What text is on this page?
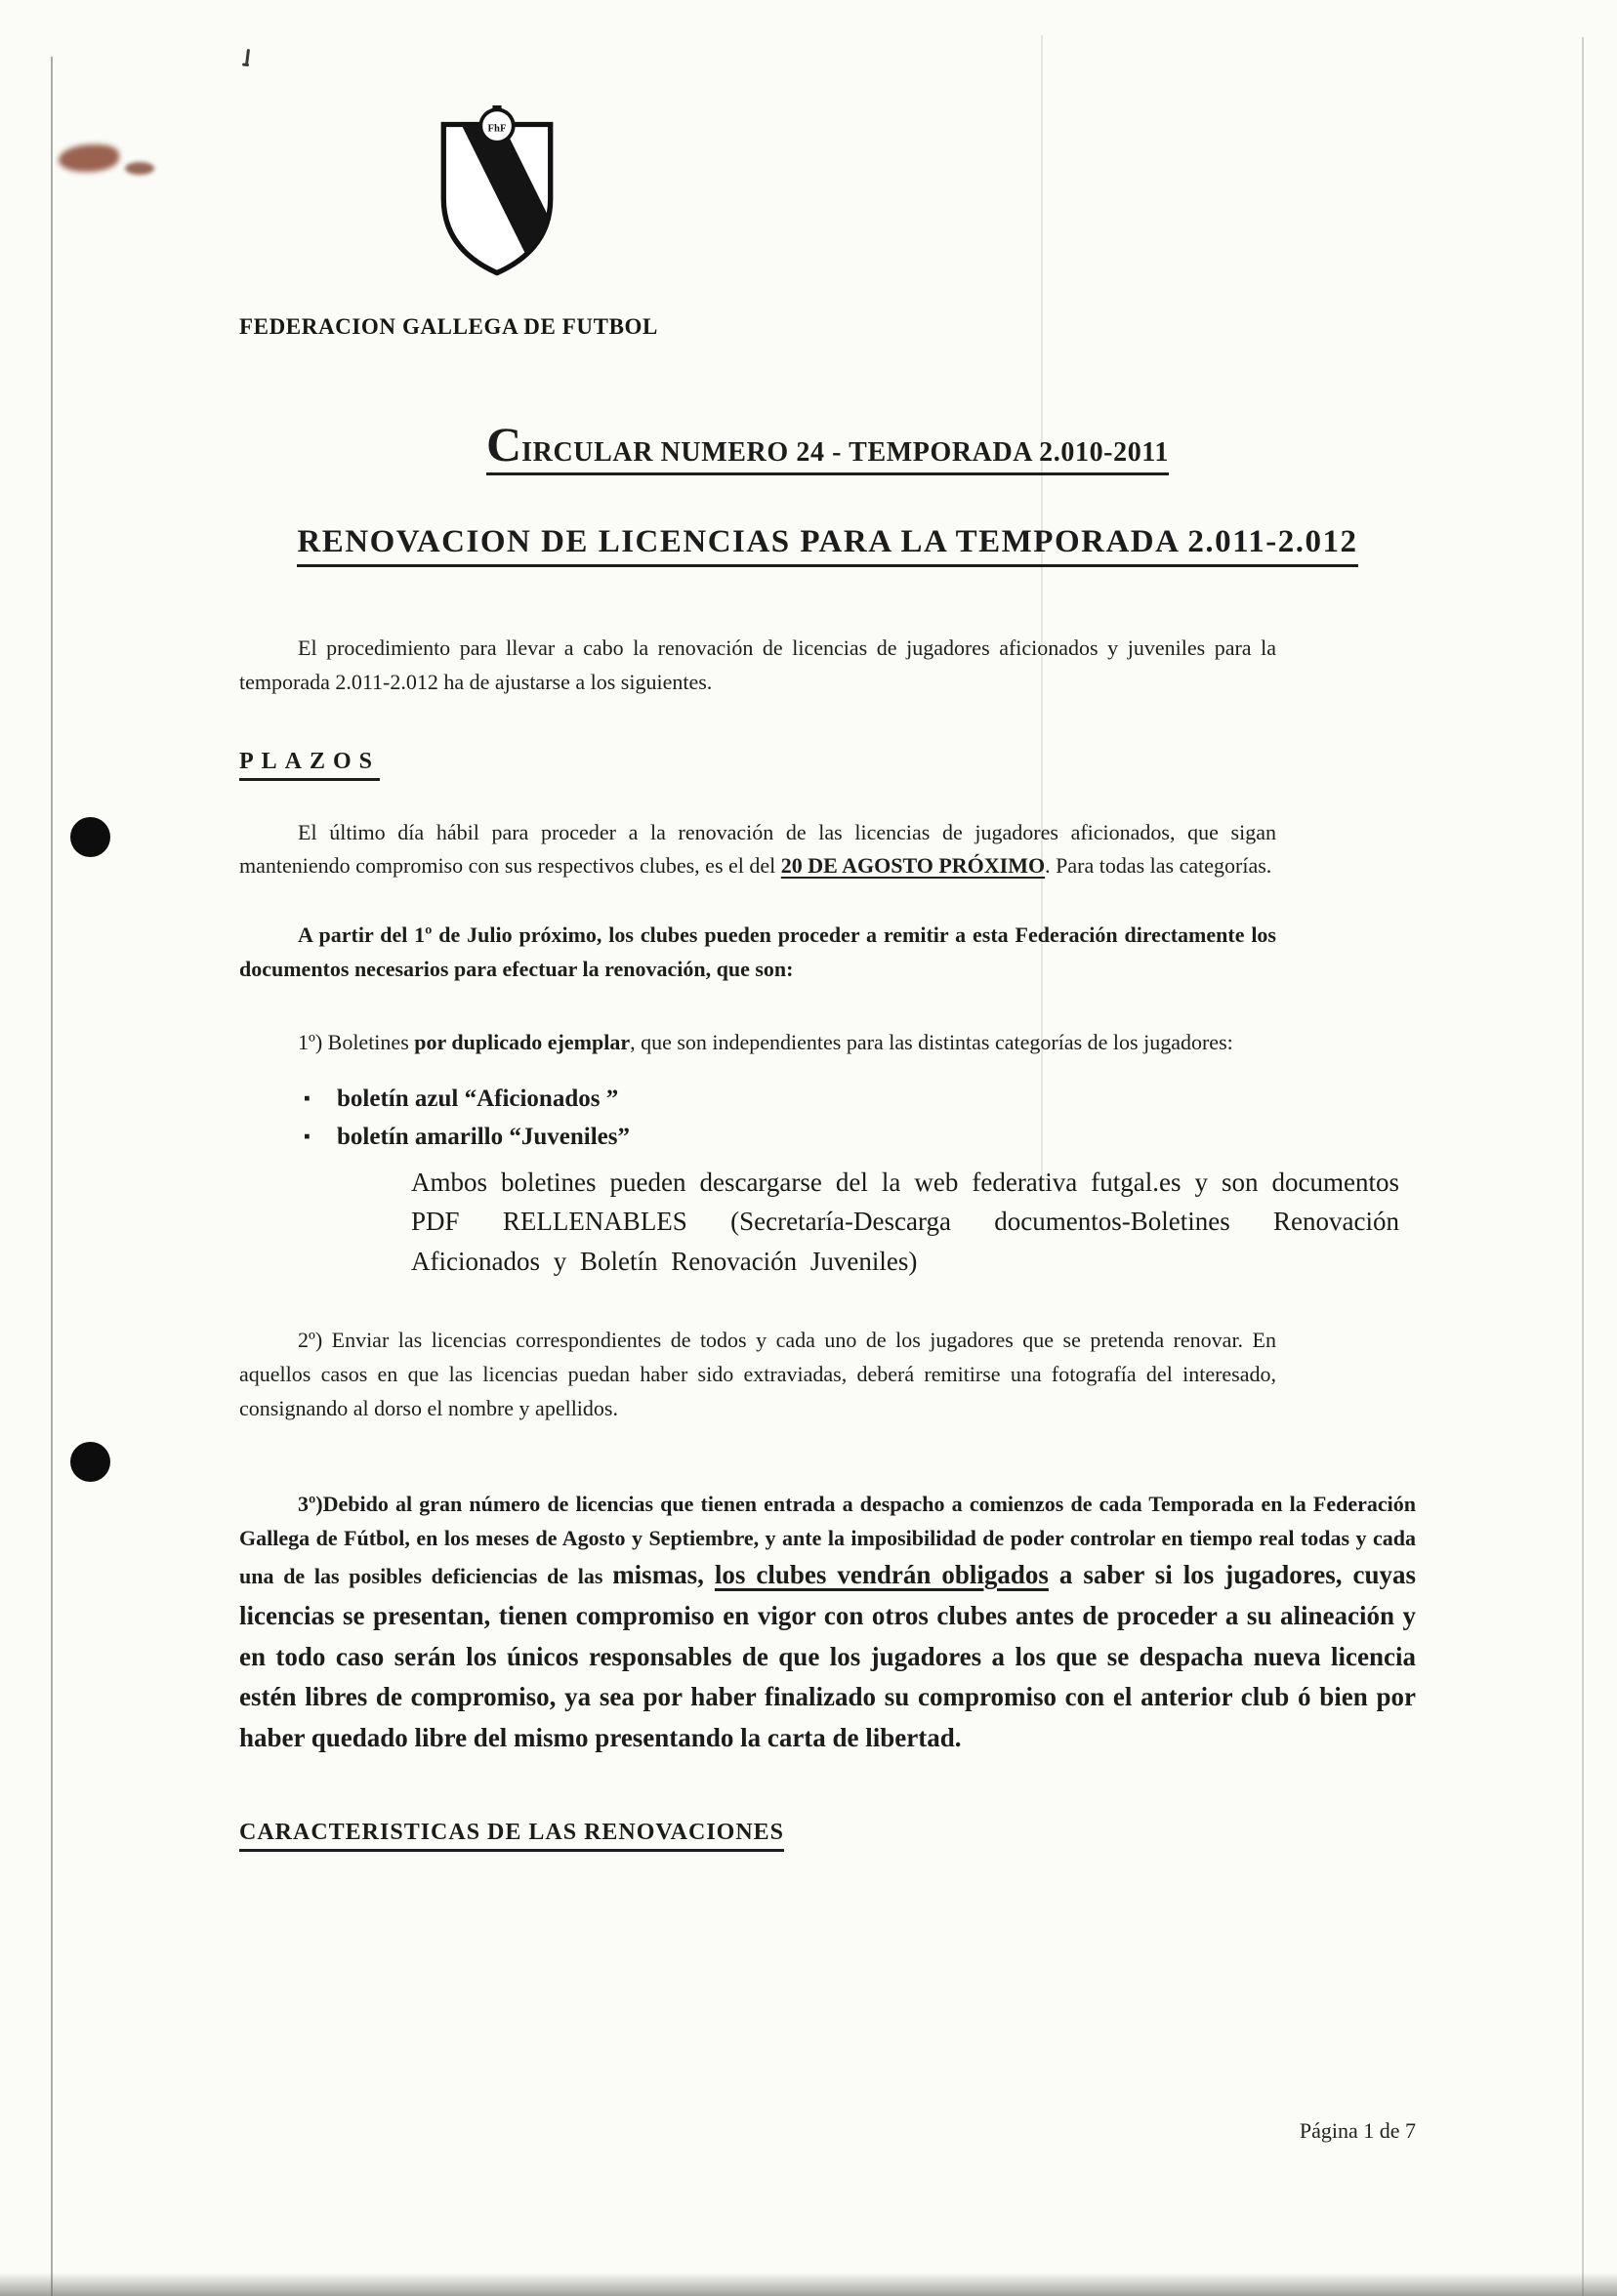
FhF
FEDERACION GALLEGA DE FUTBOL
CIRCULAR NUMERO 24 - TEMPORADA 2.010-2011
RENOVACION DE LICENCIAS PARA LA TEMPORADA 2.011-2.012

El procedimiento para llevar a cabo la renovación de licencias de jugadores aficionados y juveniles para la temporada 2.011-2.012 ha de ajustarse a los siguientes.

PLAZOS

El último día hábil para proceder a la renovación de las licencias de jugadores aficionados, que sigan manteniendo compromiso con sus respectivos clubes, es el del 20 DE AGOSTO PRÓXIMO. Para todas las categorías.

A partir del 1º de Julio próximo, los clubes pueden proceder a remitir a esta Federación directamente los documentos necesarios para efectuar la renovación, que son:

1º) Boletines por duplicado ejemplar, que son independientes para las distintas categorías de los jugadores:

▪ boletín azul “Aficionados ”
▪ boletín amarillo “Juveniles”

Ambos boletines pueden descargarse del la web federativa futgal.es y son documentos PDF RELLENABLES (Secretaría-Descarga documentos-Boletines Renovación Aficionados y Boletín Renovación Juveniles)

2º) Enviar las licencias correspondientes de todos y cada uno de los jugadores que se pretenda renovar. En aquellos casos en que las licencias puedan haber sido extraviadas, deberá remitirse una fotografía del interesado, consignando al dorso el nombre y apellidos.

3º)Debido al gran número de licencias que tienen entrada a despacho a comienzos de cada Temporada en la Federación Gallega de Fútbol, en los meses de Agosto y Septiembre, y ante la imposibilidad de poder controlar en tiempo real todas y cada una de las posibles deficiencias de las mismas, los clubes vendrán obligados a saber si los jugadores, cuyas licencias se presentan, tienen compromiso en vigor con otros clubes antes de proceder a su alineación y en todo caso serán los únicos responsables de que los jugadores a los que se despacha nueva licencia estén libres de compromiso, ya sea por haber finalizado su compromiso con el anterior club ó bien por haber quedado libre del mismo presentando la carta de libertad.

CARACTERISTICAS DE LAS RENOVACIONES
Página 1 de 7
